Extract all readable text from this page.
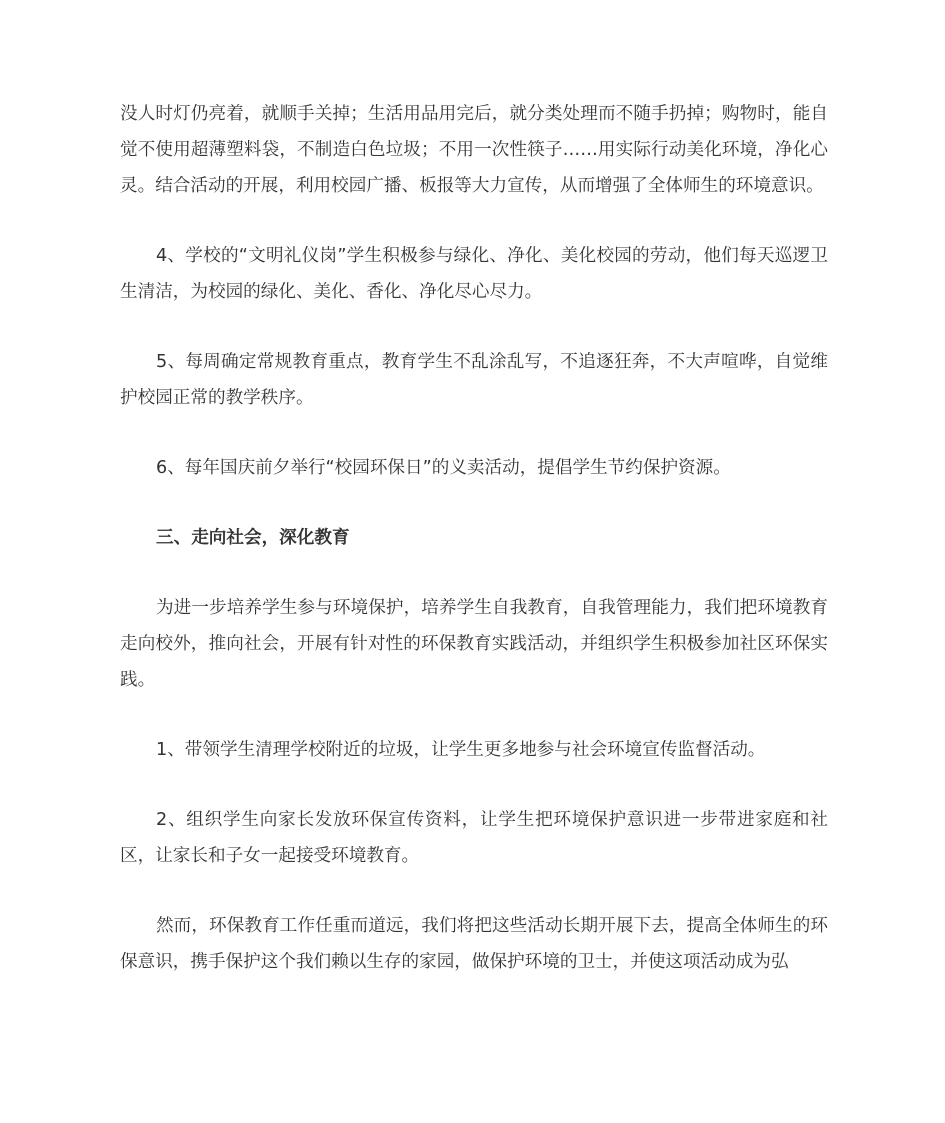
没人时灯仍亮着，就顺手关掉；生活用品用完后，就分类处理而不随手扔掉；购物时，能自觉不使用超薄塑料袋，不制造白色垃圾；不用一次性筷子……用实际行动美化环境，净化心灵。结合活动的开展，利用校园广播、板报等大力宣传，从而增强了全体师生的环境意识。

4、学校的“文明礼仪岗”学生积极参与绿化、净化、美化校园的劳动，他们每天巡逻卫生清洁，为校园的绿化、美化、香化、净化尽心尽力。

5、每周确定常规教育重点，教育学生不乱涂乱写，不追逐狂奔，不大声喧哗，自觉维护校园正常的教学秩序。

6、每年国庆前夕举行“校园环保日”的义卖活动，提倡学生节约保护资源。

三、走向社会，深化教育

为进一步培养学生参与环境保护，培养学生自我教育，自我管理能力，我们把环境教育走向校外，推向社会，开展有针对性的环保教育实践活动，并组织学生积极参加社区环保实践。

1、带领学生清理学校附近的垃圾，让学生更多地参与社会环境宣传监督活动。

2、组织学生向家长发放环保宣传资料，让学生把环境保护意识进一步带进家庭和社区，让家长和子女一起接受环境教育。

然而，环保教育工作任重而道远，我们将把这些活动长期开展下去，提高全体师生的环保意识，携手保护这个我们赖以生存的家园，做保护环境的卫士，并使这项活动成为弘
